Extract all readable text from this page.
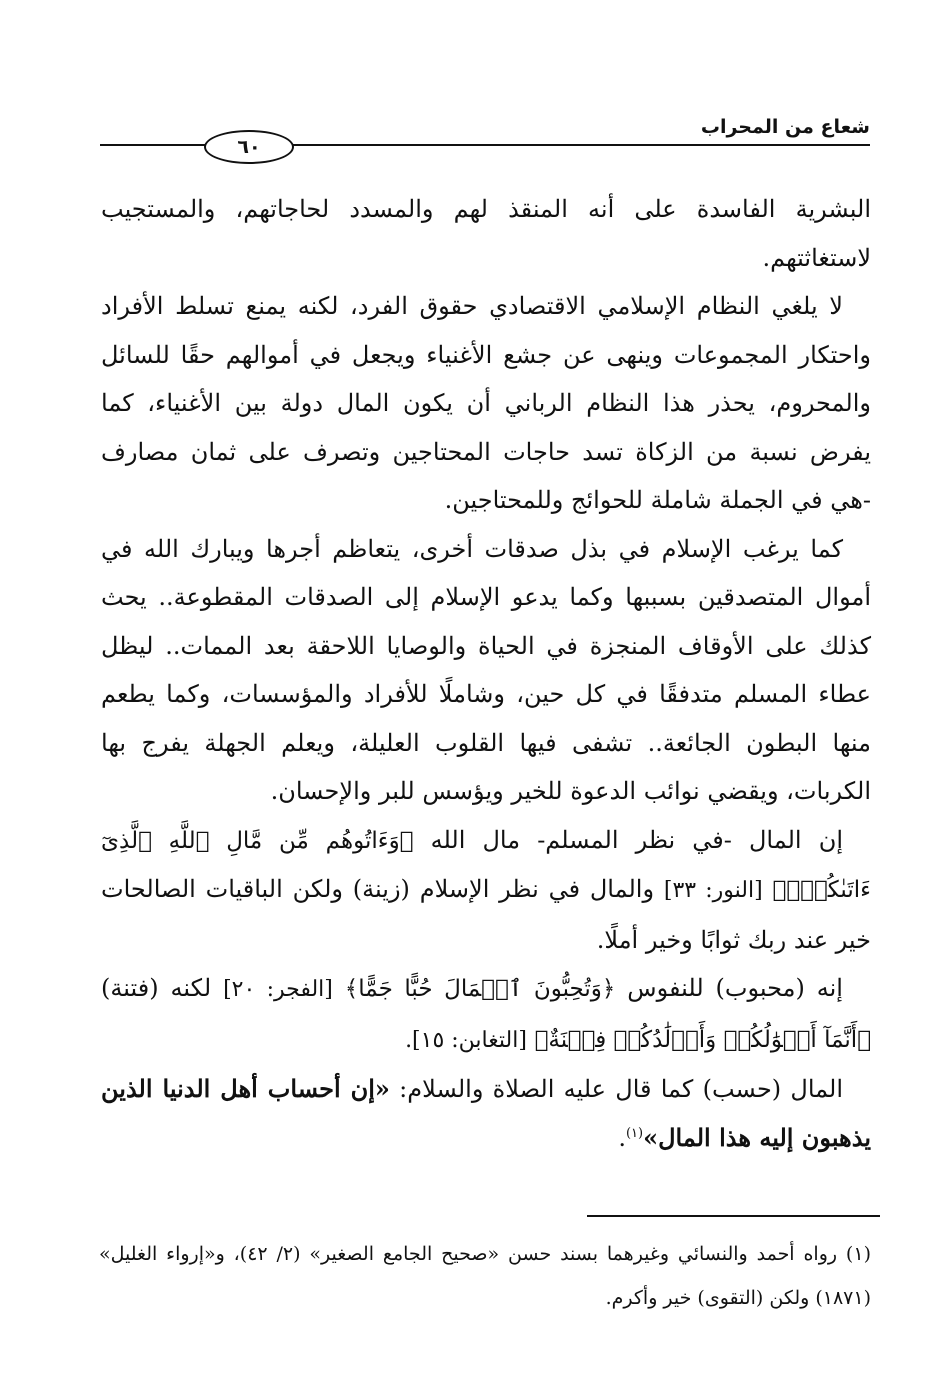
شعاع من المحراب
٦٠

البشرية الفاسدة على أنه المنقذ لهم والمسدد لحاجاتهم، والمستجيب لاستغاثتهم.

لا يلغي النظام الإسلامي الاقتصادي حقوق الفرد، لكنه يمنع تسلط الأفراد واحتكار المجموعات وينهى عن جشع الأغنياء ويجعل في أموالهم حقًا للسائل والمحروم، يحذر هذا النظام الرباني أن يكون المال دولة بين الأغنياء، كما يفرض نسبة من الزكاة تسد حاجات المحتاجين وتصرف على ثمان مصارف -هي في الجملة شاملة للحوائج وللمحتاجين.

كما يرغب الإسلام في بذل صدقات أخرى، يتعاظم أجرها ويبارك الله في أموال المتصدقين بسببها وكما يدعو الإسلام إلى الصدقات المقطوعة.. يحث كذلك على الأوقاف المنجزة في الحياة والوصايا اللاحقة بعد الممات.. ليظل عطاء المسلم متدفقًا في كل حين، وشاملًا للأفراد والمؤسسات، وكما يطعم منها البطون الجائعة.. تشفى فيها القلوب العليلة، ويعلم الجهلة يفرج بها الكربات، ويقضي نوائب الدعوة للخير ويؤسس للبر والإحسان.

إن المال -في نظر المسلم- مال الله ﴿وَءَاتُوهُم مِّن مَّالِ ٱللَّهِ ٱلَّذِىٓ ءَاتَىٰكُمۡۚ﴾ [النور: ٣٣] والمال في نظر الإسلام (زينة) ولكن الباقيات الصالحات خير عند ربك ثوابًا وخير أملًا.

إنه (محبوب) للنفوس ﴿وَتُحِبُّونَ ٱلۡمَالَ حُبًّا جَمًّا﴾ [الفجر: ٢٠] لكنه (فتنة) ﴿أَنَّمَآ أَمۡوَٰلُكُمۡ وَأَوۡلَٰدُكُمۡ فِتۡنَةٌ﴾ [التغابن: ١٥].

المال (حسب) كما قال عليه الصلاة والسلام: «إن أحساب أهل الدنيا الذين يذهبون إليه هذا المال»$^{(١)}$.

(١) رواه أحمد والنسائي وغيرهما بسند حسن «صحيح الجامع الصغير» (٢/ ٤٢)، و«إرواء الغليل» (١٨٧١) ولكن (التقوى) خير وأكرم.
